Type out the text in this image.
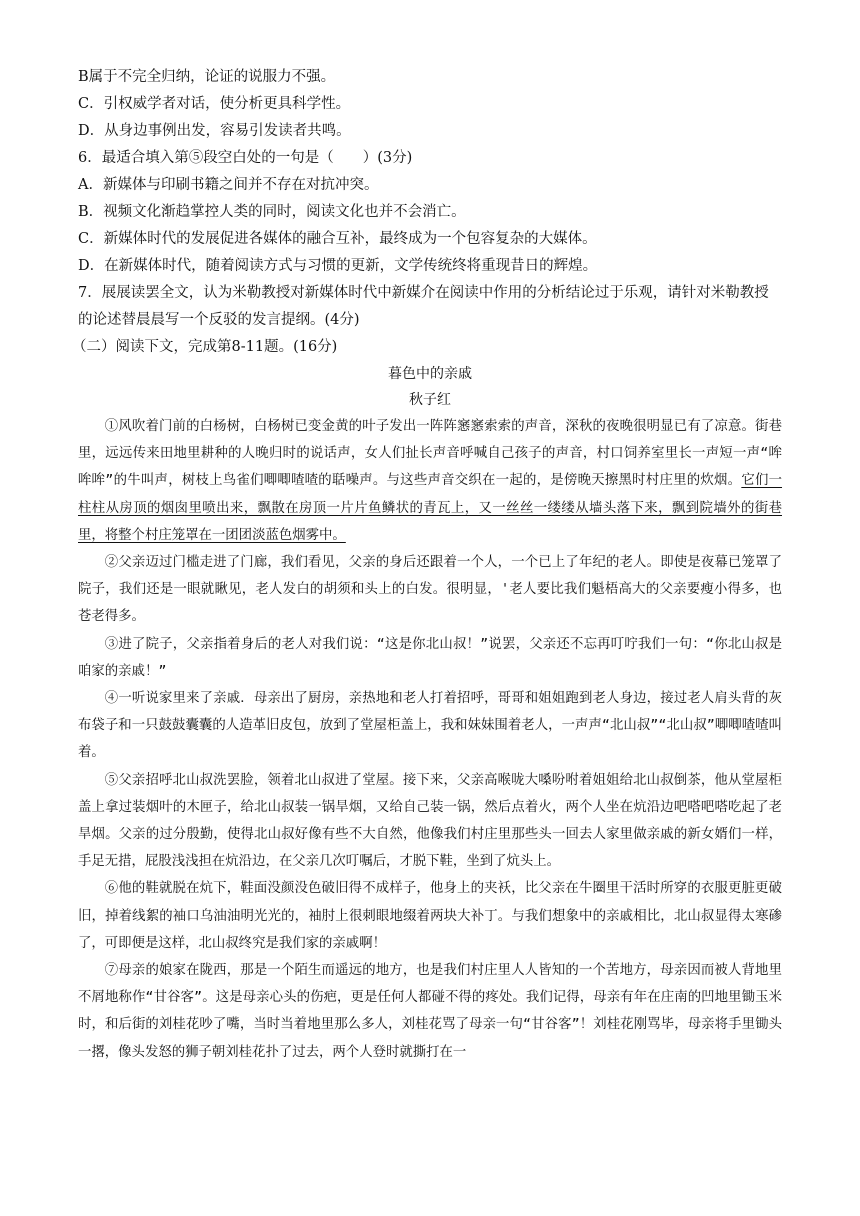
B属于不完全归纳，论证的说服力不强。

C．引权威学者对话，使分析更具科学性。

D．从身边事例出发，容易引发读者共鸣。

6．最适合填入第⑤段空白处的一句是（　　）(3分)

A．新媒体与印刷书籍之间并不存在对抗冲突。

B．视频文化渐趋掌控人类的同时，阅读文化也并不会消亡。

C．新媒体时代的发展促进各媒体的融合互补，最终成为一个包容复杂的大媒体。

D．在新媒体时代，随着阅读方式与习惯的更新，文学传统终将重现昔日的辉煌。

7．展展读罢全文，认为米勒教授对新媒体时代中新媒介在阅读中作用的分析结论过于乐观，请针对米勒教授的论述替晨晨写一个反驳的发言提纲。(4分)

（二）阅读下文，完成第8-11题。(16分)

暮色中的亲戚

秋子红

①风吹着门前的白杨树，白杨树已变金黄的叶子发出一阵阵窸窸索索的声音，深秋的夜晚很明显已有了凉意。街巷里，远远传来田地里耕种的人晚归时的说话声，女人们扯长声音呼喊自己孩子的声音，村口饲养室里长一声短一声“哞哞哞”的牛叫声，树枝上鸟雀们唧唧喳喳的聒噪声。与这些声音交织在一起的，是傍晚天擦黑时村庄里的炊烟。它们一柱柱从房顶的烟囱里喷出来，飘散在房顶一片片鱼鳞状的青瓦上，又一丝丝一缕缕从墙头落下来，飘到院墙外的街巷里，将整个村庄笼罩在一团团淡蓝色烟雾中。

②父亲迈过门槛走进了门廊，我们看见，父亲的身后还跟着一个人，一个已上了年纪的老人。即使是夜幕已笼罩了院子，我们还是一眼就瞅见，老人发白的胡须和头上的白发。很明显，'老人要比我们魁梧高大的父亲要瘦小得多，也苍老得多。

③进了院子，父亲指着身后的老人对我们说：“这是你北山叔！”说罢，父亲还不忘再叮咛我们一句：“你北山叔是咱家的亲戚！”

④一听说家里来了亲戚．母亲出了厨房，亲热地和老人打着招呼，哥哥和姐姐跑到老人身边，接过老人肩头背的灰布袋子和一只鼓鼓囊囊的人造革旧皮包，放到了堂屋柜盖上，我和妹妹围着老人，一声声“北山叔”“北山叔”唧唧喳喳叫着。

⑤父亲招呼北山叔洗罢脸，领着北山叔进了堂屋。接下来，父亲高喉咙大嗓吩咐着姐姐给北山叔倒茶，他从堂屋柜盖上拿过装烟叶的木匣子，给北山叔装一锅旱烟，又给自己装一锅，然后点着火，两个人坐在炕沿边吧嗒吧嗒吃起了老旱烟。父亲的过分殷勤，使得北山叔好像有些不大自然，他像我们村庄里那些头一回去人家里做亲戚的新女婿们一样，手足无措，屁股浅浅担在炕沿边，在父亲几次叮嘱后，才脱下鞋，坐到了炕头上。

⑥他的鞋就脱在炕下，鞋面没颜没色破旧得不成样子，他身上的夹袄，比父亲在牛圈里干活时所穿的衣服更脏更破旧，掉着线絮的袖口乌油油明光光的，袖肘上很刺眼地缀着两块大补丁。与我们想象中的亲戚相比，北山叔显得太寒碜了，可即便是这样，北山叔终究是我们家的亲戚啊！

⑦母亲的娘家在陇西，那是一个陌生而遥远的地方，也是我们村庄里人人皆知的一个苦地方，母亲因而被人背地里不屑地称作“甘谷客”。这是母亲心头的伤疤，更是任何人都碰不得的疼处。我们记得，母亲有年在庄南的凹地里锄玉米时，和后街的刘桂花吵了嘴，当时当着地里那么多人，刘桂花骂了母亲一句“甘谷客”！刘桂花刚骂毕，母亲将手里锄头一撂，像头发怒的狮子朝刘桂花扑了过去，两个人登时就撕打在一
